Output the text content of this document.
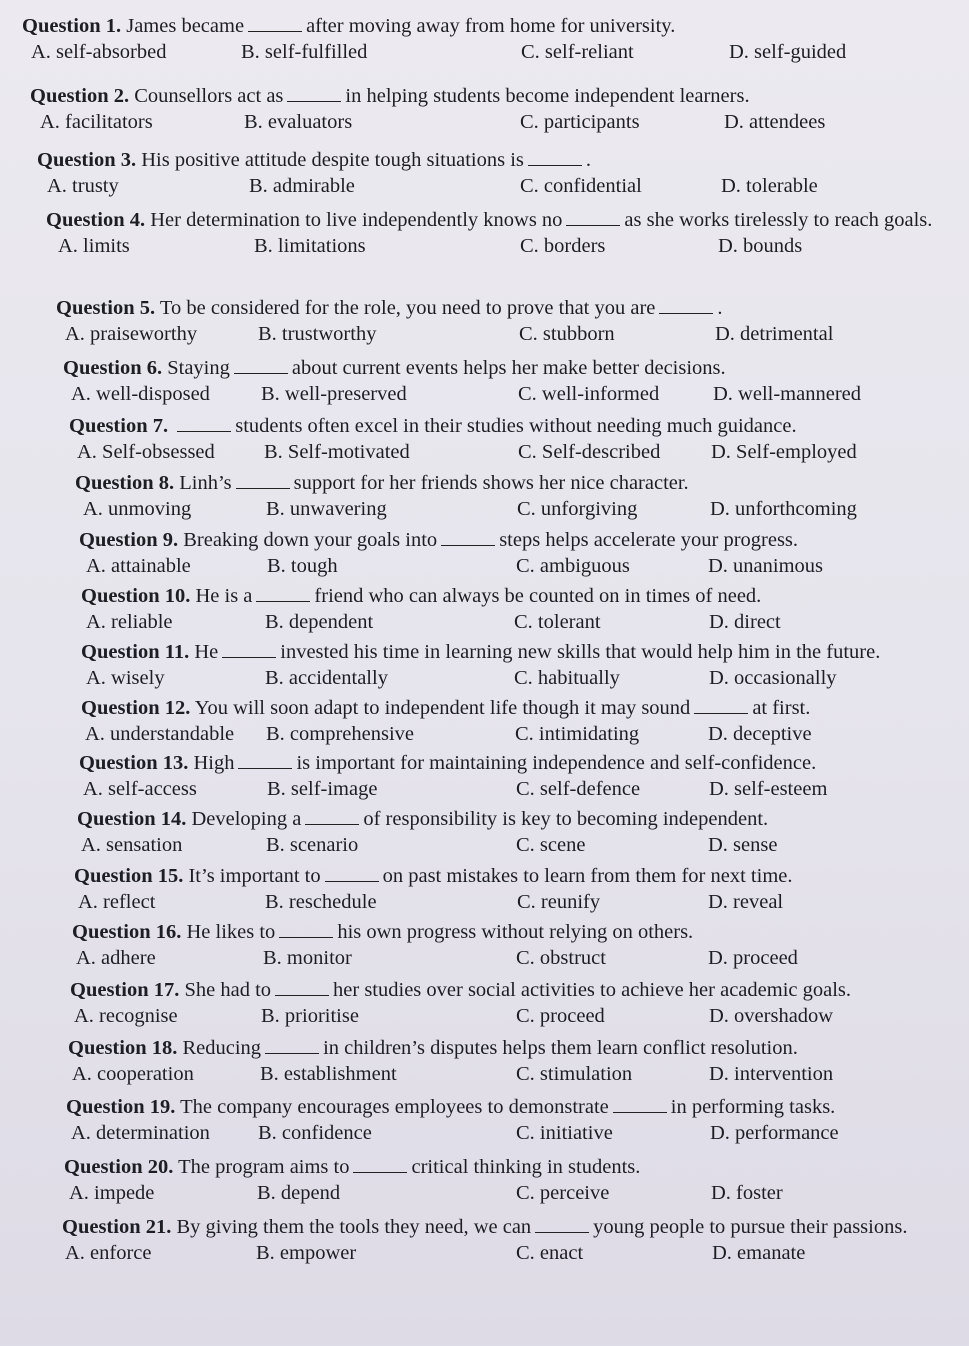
Question 1. James became	after moving away from home for university.
A. self-absorbed	B. self-fulfilled	C. self-reliant	D. self-guided
Question 2. Counsellors act as	in helping students become independent learners.
A. facilitators	B. evaluators	C. participants	D. attendees
Question 3. His positive attitude despite tough situations is	.
A. trusty	B. admirable	C. confidential	D. tolerable
Question 4. Her determination to live independently knows no	as she works tirelessly to reach goals.
A. limits	B. limitations	C. borders	D. bounds
Question 5. To be considered for the role, you need to prove that you are	.
A. praiseworthy	B. trustworthy	C. stubborn	D. detrimental
Question 6. Staying	about current events helps her make better decisions.
A. well-disposed B. well-preserved	C. well-informed	D. well-mannered
Question 7.	students often excel in their studies without needing much guidance.
A. Self-obsessed B. Self-motivated	C. Self-described D. Self-employed
Question 8. Linh’s	support for her friends shows her nice character.
A. unmoving	B. unwavering	C. unforgiving	D. unforthcoming
Question 9. Breaking down your goals into	steps helps accelerate your progress.
A. attainable	B. tough	C. ambiguous	D. unanimous
Question 10. He is a	friend who can always be counted on in times of need.
A. reliable	B. dependent	C. tolerant	D. direct
Question 11. He	invested his time in learning new skills that would help him in the future.
A. wisely	B. accidentally	C. habitually	D. occasionally
Question 12. You will soon adapt to independent life though it may sound	at first.
A. understandable B. comprehensive	C. intimidating	D. deceptive
Question 13. High	is important for maintaining independence and self-confidence.
A. self-access	B. self-image	C. self-defence	D. self-esteem
Question 14. Developing a	of responsibility is key to becoming independent.
A. sensation	B. scenario	C. scene	D. sense
Question 15. It’s important to	on past mistakes to learn from them for next time.
A. reflect	B. reschedule	C. reunify	D. reveal
Question 16. He likes to	his own progress without relying on others.
A. adhere	B. monitor	C. obstruct	D. proceed
Question 17. She had to	her studies over social activities to achieve her academic goals.
A. recognise	B. prioritise	C. proceed	D. overshadow
Question 18. Reducing	in children’s disputes helps them learn conflict resolution.
A. cooperation	B. establishment	C. stimulation	D. intervention
Question 19. The company encourages employees to demonstrate	in performing tasks.
A. determination B. confidence	C. initiative	D. performance
Question 20. The program aims to	critical thinking in students.
A. impede	B. depend	C. perceive	D. foster
Question 21. By giving them the tools they need, we can	young people to pursue their passions.
A. enforce	B. empower	C. enact	D. emanate
